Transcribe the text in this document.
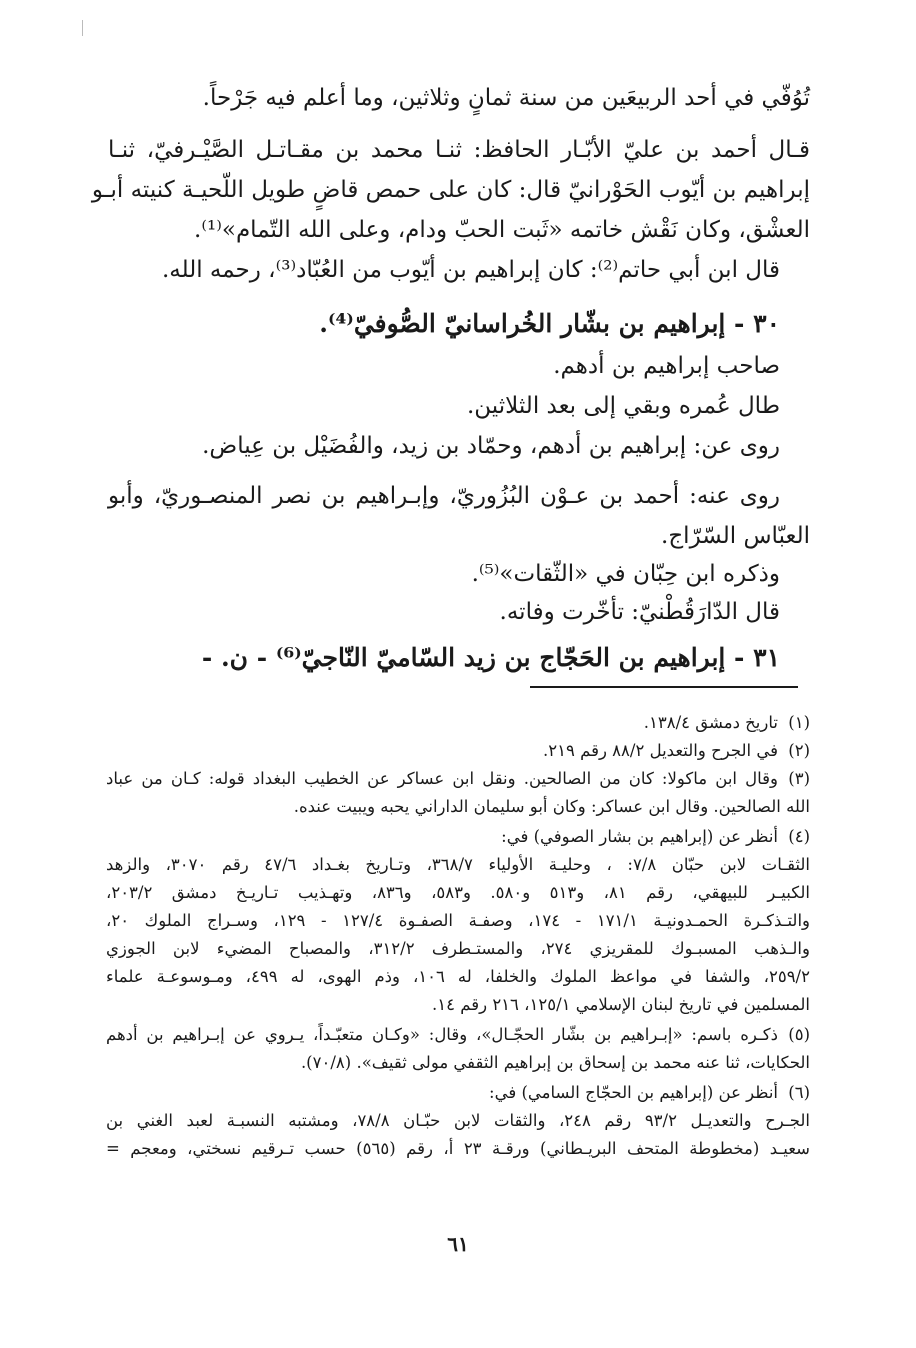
تُوُفّي في أحد الربيعَين من سنة ثمانٍ وثلاثين، وما أعلم فيه جَرْحاً.

قـال أحمد بن عليّ الأبّـار الحافظ: ثنـا محمد بن مقـاتـل الصَّيْـرفيّ، ثنـا

إبراهيم بن أيّوب الحَوْرانيّ قال: كان على حمص قاضٍ طويل اللّحيـة كنيته أبـو

العشْق، وكان نَقْش خاتمه «ثَبت الحبّ ودام، وعلى الله التّمام»⁽¹⁾.

قال ابن أبي حاتم⁽²⁾: كان إبراهيم بن أيّوب من العُبّاد⁽³⁾، رحمه الله.

٣٠ - إبراهيم بن بشّار الخُراسانيّ الصُّوفيّ⁽⁴⁾.

صاحب إبراهيم بن أدهم.

طال عُمره وبقي إلى بعد الثلاثين.

روى عن: إبراهيم بن أدهم، وحمّاد بن زيد، والفُضَيْل بن عِياض.

روى عنه: أحمد بن عـوْن البُزُوريّ، وإبـراهيم بن نصر المنصـوريّ، وأبو

العبّاس السّرّاج.

وذكره ابن حِبّان في «الثّقات»⁽⁵⁾.

قال الدّارَقُطْنيّ: تأخّرت وفاته.

٣١ - إبراهيم بن الحَجّاج بن زيد السّاميّ النّاجيّ⁽⁶⁾ - ن. -
(١)
تاريخ دمشق ١٣٨/٤.
(٢)
في الجرح والتعديل ٨٨/٢ رقم ٢١٩.
(٣)
وقال ابن ماكولا: كان من الصالحين. ونقل ابن عساكر عن الخطيب البغداد قوله: كـان من عباد
الله الصالحين. وقال ابن عساكر: وكان أبو سليمان الداراني يحبه ويبيت عنده.
(٤)
أنظر عن (إبراهيم بن بشار الصوفي) في:
الثقـات لابن حبّان ٧/٨: ، وحليـة الأولياء ٣٦٨/٧، وتـاريخ بغـداد ٤٧/٦ رقم ٣٠٧٠، والزهد
الكبيـر للبيهقي، رقم ٨١، و٥١٣ و٥٨٠. و٥٨٣، و٨٣٦، وتهـذيب تـاريـخ دمشق ٢٠٣/٢،
والتـذكـرة الحمـدونيـة ١٧١/١ - ١٧٤، وصفـة الصفـوة ١٢٧/٤ - ١٢٩، وسـراج الملوك ٢٠،
والـذهب المسبـوك للمقريزي ٢٧٤، والمستـطرف ٣١٢/٢، والمصباح المضيء لابن الجوزي
٢٥٩/٢، والشفا في مواعظ الملوك والخلفا، له ١٠٦، وذم الهوى، له ٤٩٩، ومـوسوعـة علماء
المسلمين في تاريخ لبنان الإسلامي ١٢٥/١، ٢١٦ رقم ١٤.
(٥)
ذكـره باسم: «إبـراهيم بن بشّار الحجّـال»، وقال: «وكـان متعبّـداً، يـروي عن إبـراهيم بن أدهم
الحكايات، ثنا عنه محمد بن إسحاق بن إبراهيم الثقفي مولى ثقيف». (٧٠/٨).
(٦)
أنظر عن (إبراهيم بن الحجّاج السامي) في:
الجـرح والتعديـل ٩٣/٢ رقم ٢٤٨، والثقات لابن حبّـان ٧٨/٨، ومشتبه النسبـة لعبد الغني بن
سعيـد (مخطوطة المتحف البريـطاني) ورقـة ٢٣ أ، رقم (٥٦٥) حسب تـرقيم نسختي، ومعجم =
٦١
